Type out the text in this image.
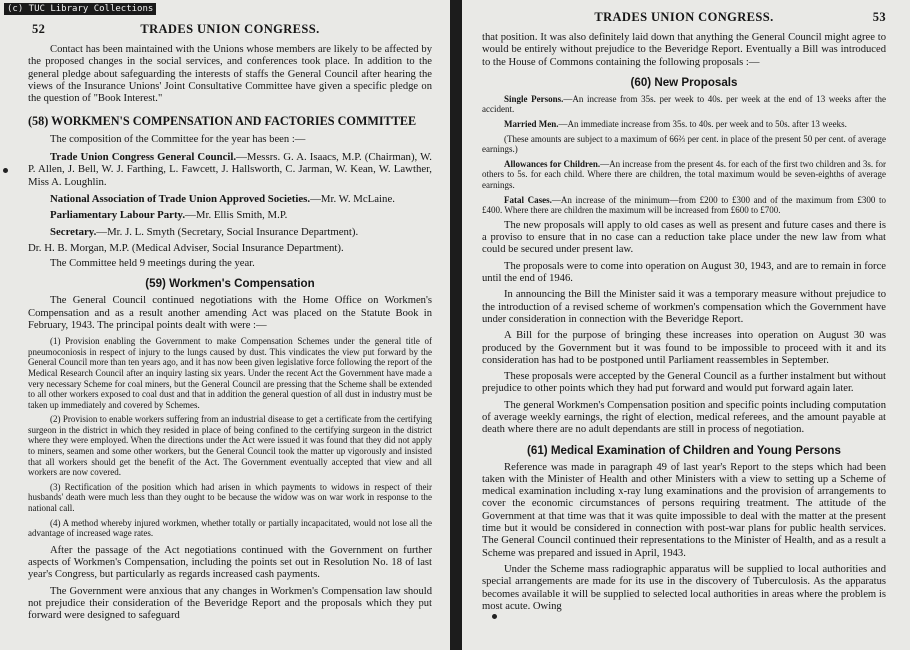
(c) TUC Library Collections
52	TRADES UNION CONGRESS.

Contact has been maintained with the Unions whose members are likely to be affected by the proposed changes in the social services, and conferences took place. In addition to the general pledge about safeguarding the interests of staffs the General Council after hearing the views of the Insurance Unions' Joint Consultative Committee have given a specific pledge on the question of "Book Interest."

(58) WORKMEN'S COMPENSATION AND FACTORIES COMMITTEE

The composition of the Committee for the year has been :—

Trade Union Congress General Council.—Messrs. G. A. Isaacs, M.P. (Chairman), W. P. Allen, J. Bell, W. J. Farthing, L. Fawcett, J. Hallsworth, C. Jarman, W. Kean, W. Lawther, Miss A. Loughlin.

National Association of Trade Union Approved Societies.—Mr. W. McLaine.

Parliamentary Labour Party.—Mr. Ellis Smith, M.P.

Secretary.—Mr. J. L. Smyth (Secretary, Social Insurance Department).

Dr. H. B. Morgan, M.P. (Medical Adviser, Social Insurance Department).

The Committee held 9 meetings during the year.

(59) Workmen's Compensation

The General Council continued negotiations with the Home Office on Workmen's Compensation and as a result another amending Act was placed on the Statute Book in February, 1943. The principal points dealt with were :—

(1) Provision enabling the Government to make Compensation Schemes under the general title of pneumoconiosis in respect of injury to the lungs caused by dust. This vindicates the view put forward by the General Council more than ten years ago, and it has now been given legislative force following the report of the Medical Research Council after an inquiry lasting six years. Under the recent Act the Government have made a very necessary Scheme for coal miners, but the General Council are pressing that the Scheme shall be extended to all other workers exposed to coal dust and that in addition the general question of all dust in industry must be taken up immediately and covered by Schemes.

(2) Provision to enable workers suffering from an industrial disease to get a certificate from the certifying surgeon in the district in which they resided in place of being confined to the certifying surgeon in the district where they were employed. When the directions under the Act were issued it was found that they did not apply to miners, seamen and some other workers, but the General Council took the matter up vigorously and insisted that all workers should get the benefit of the Act. The Government eventually accepted that view and all workers are now covered.

(3) Rectification of the position which had arisen in which payments to widows in respect of their husbands' death were much less than they ought to be because the widow was on war work in response to the national call.

(4) A method whereby injured workmen, whether totally or partially incapacitated, would not lose all the advantage of increased wage rates.

After the passage of the Act negotiations continued with the Government on further aspects of Workmen's Compensation, including the points set out in Resolution No. 18 of last year's Congress, but particularly as regards increased cash payments.

The Government were anxious that any changes in Workmen's Compensation law should not prejudice their consideration of the Beveridge Report and the proposals which they put forward were designed to safeguard

TRADES UNION CONGRESS.	53

that position. It was also definitely laid down that anything the General Council might agree to would be entirely without prejudice to the Beveridge Report. Eventually a Bill was introduced to the House of Commons containing the following proposals :—

(60) New Proposals

Single Persons.—An increase from 35s. per week to 40s. per week at the end of 13 weeks after the accident.

Married Men.—An immediate increase from 35s. to 40s. per week and to 50s. after 13 weeks.

(These amounts are subject to a maximum of 66⅔ per cent. in place of the present 50 per cent. of average earnings.)

Allowances for Children.—An increase from the present 4s. for each of the first two children and 3s. for others to 5s. for each child. Where there are children, the total maximum would be seven-eighths of average earnings.

Fatal Cases.—An increase of the minimum—from £200 to £300 and of the maximum from £300 to £400. Where there are children the maximum will be increased from £600 to £700.

The new proposals will apply to old cases as well as present and future cases and there is a proviso to ensure that in no case can a reduction take place under the new law from what could be secured under present law.

The proposals were to come into operation on August 30, 1943, and are to remain in force until the end of 1946.

In announcing the Bill the Minister said it was a temporary measure without prejudice to the introduction of a revised scheme of workmen's compensation which the Government have under consideration in connection with the Beveridge Report.

A Bill for the purpose of bringing these increases into operation on August 30 was produced by the Government but it was found to be impossible to proceed with it and its consideration has had to be postponed until Parliament reassembles in September.

These proposals were accepted by the General Council as a further instalment but without prejudice to other points which they had put forward and would put forward again later.

The general Workmen's Compensation position and specific points including computation of average weekly earnings, the right of election, medical referees, and the amount payable at death where there are no adult dependants are still in process of negotiation.

(61) Medical Examination of Children and Young Persons

Reference was made in paragraph 49 of last year's Report to the steps which had been taken with the Minister of Health and other Ministers with a view to setting up a Scheme of medical examination including x-ray lung examinations and the provision of arrangements to cover the economic circumstances of persons requiring treatment. The attitude of the Government at that time was that it was quite impossible to deal with the matter at the present time but it would be considered in connection with post-war plans for public health services. The General Council continued their representations to the Minister of Health, and as a result a Scheme was prepared and issued in April, 1943.

Under the Scheme mass radiographic apparatus will be supplied to local authorities and special arrangements are made for its use in the discovery of Tuberculosis. As the apparatus becomes available it will be supplied to selected local authorities in areas where the problem is most acute. Owing
